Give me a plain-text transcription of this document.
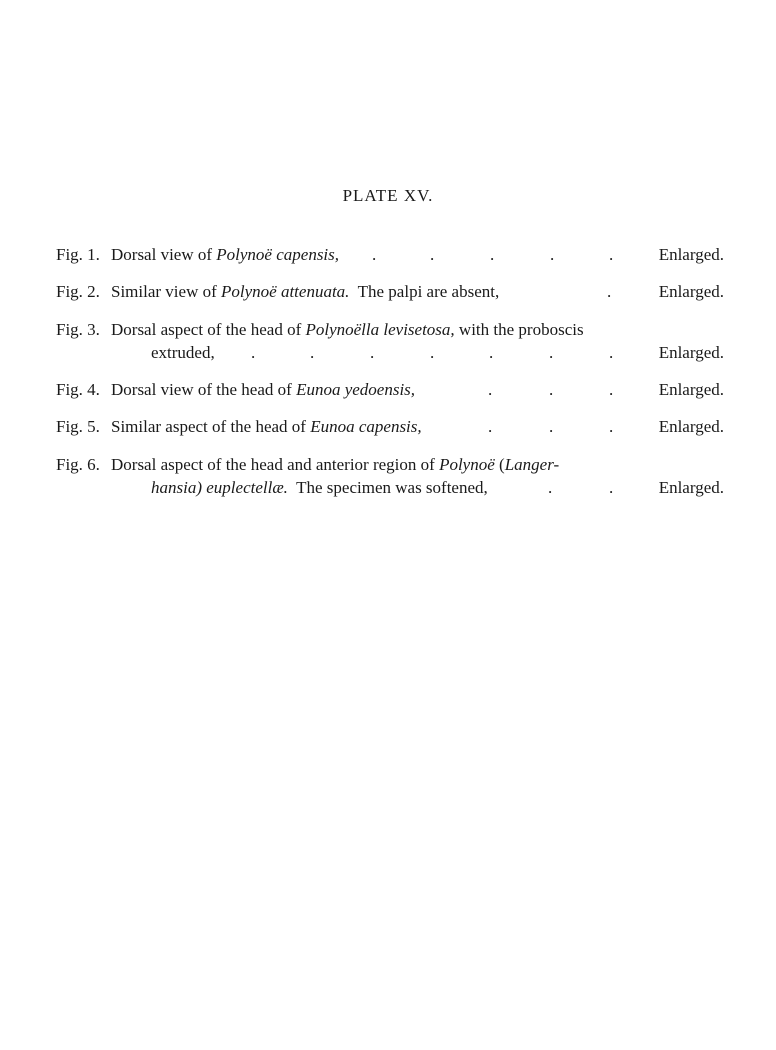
PLATE XV.
Fig. 1. Dorsal view of Polynoë capensis, .	.	.	.	.	Enlarged.
Fig. 2. Similar view of Polynoë attenuata.  The palpi are absent,	.	Enlarged.
Fig. 3. Dorsal aspect of the head of Polynoëlla levisetosa, with the proboscis
extruded, .	.	.	.	.	.	.	Enlarged.
Fig. 4. Dorsal view of the head of Eunoa yedoensis,	.	.	.	Enlarged.
Fig. 5. Similar aspect of the head of Eunoa capensis,	.	.	.	Enlarged.
Fig. 6. Dorsal aspect of the head and anterior region of Polynoë (Langer-
hansia) euplectellæ.  The specimen was softened,	.	.	Enlarged.
